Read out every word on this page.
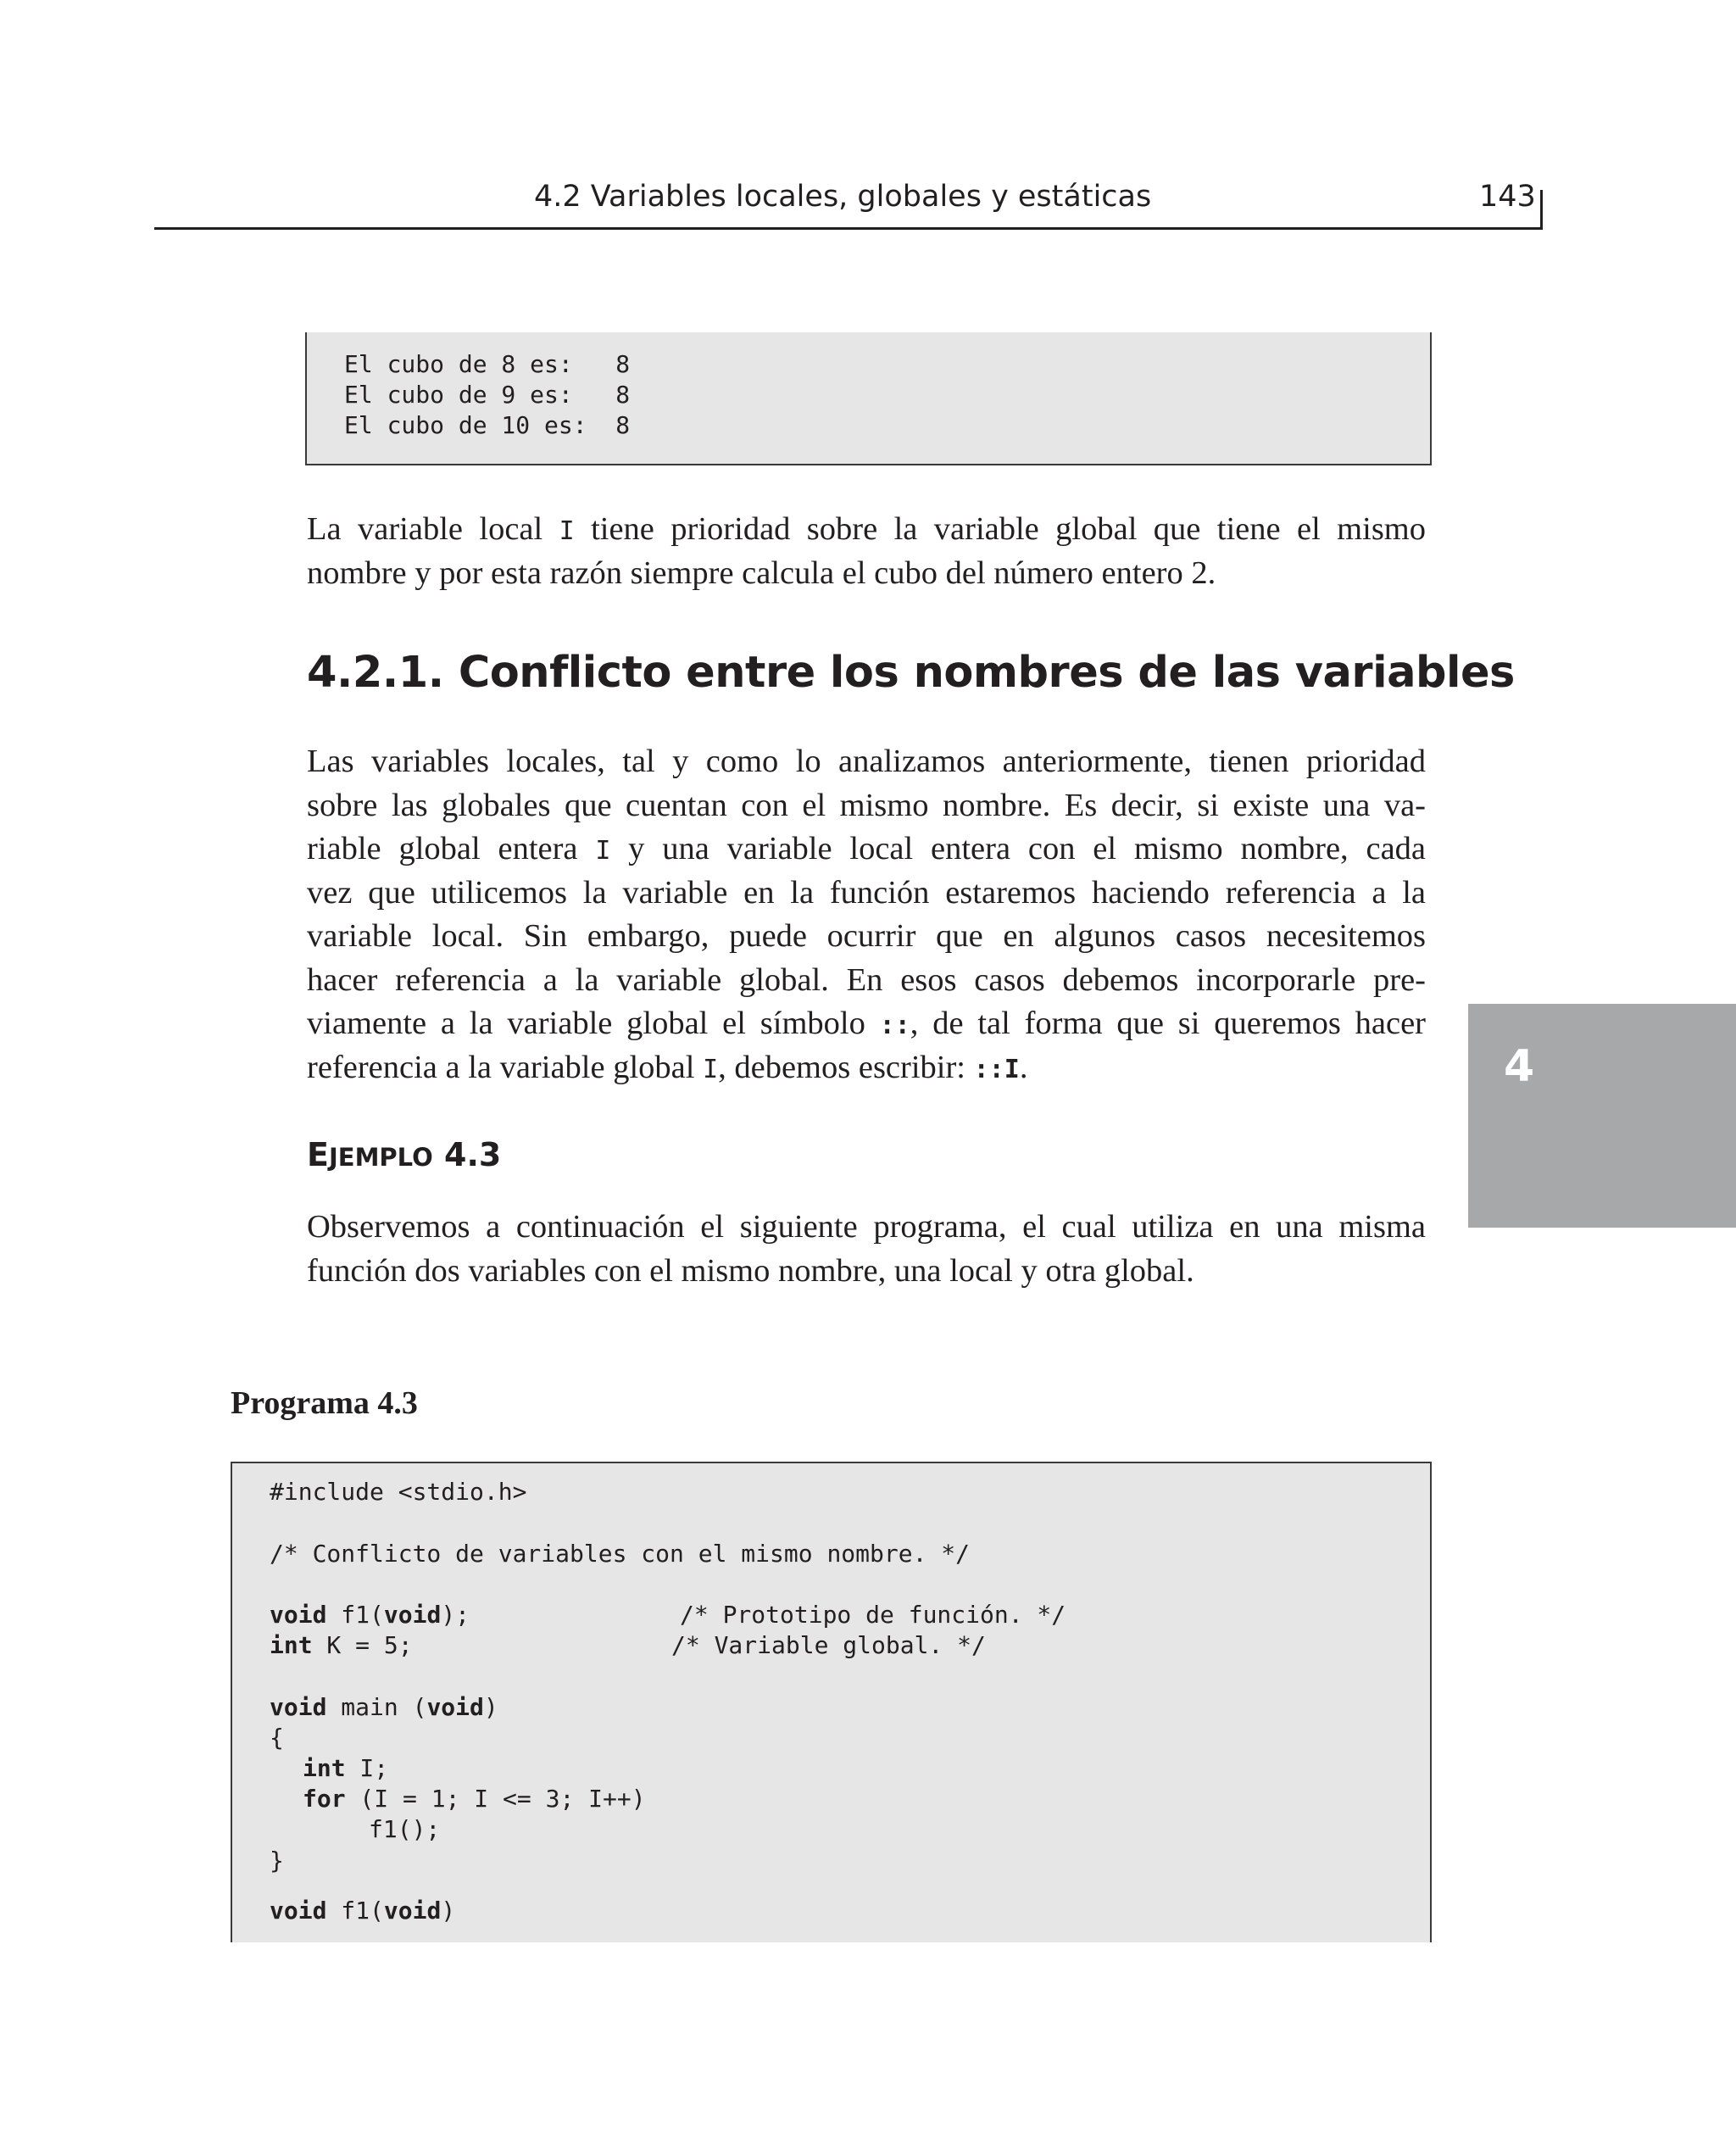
4.2 Variables locales, globales y estáticas	143
El cubo de 8 es:   8
El cubo de 9 es:   8
El cubo de 10 es:  8
La variable local I tiene prioridad sobre la variable global que tiene el mismo
nombre y por esta razón siempre calcula el cubo del número entero 2.
4.2.1. Conflicto entre los nombres de las variables
Las variables locales, tal y como lo analizamos anteriormente, tienen prioridad
sobre las globales que cuentan con el mismo nombre. Es decir, si existe una va-
riable global entera I y una variable local entera con el mismo nombre, cada
vez que utilicemos la variable en la función estaremos haciendo referencia a la
variable local. Sin embargo, puede ocurrir que en algunos casos necesitemos
hacer referencia a la variable global. En esos casos debemos incorporarle pre-
viamente a la variable global el símbolo ::, de tal forma que si queremos hacer
referencia a la variable global I, debemos escribir: ::I.
EJEMPLO 4.3
Observemos a continuación el siguiente programa, el cual utiliza en una misma
función dos variables con el mismo nombre, una local y otra global.
Programa 4.3
#include <stdio.h>
/* Conflicto de variables con el mismo nombre. */
void f1(void);	/* Prototipo de función. */
int K = 5;	/* Variable global. */
void main (void)
{
int I;
for (I = 1; I <= 3; I++)
f1();
}
void f1(void)
4
